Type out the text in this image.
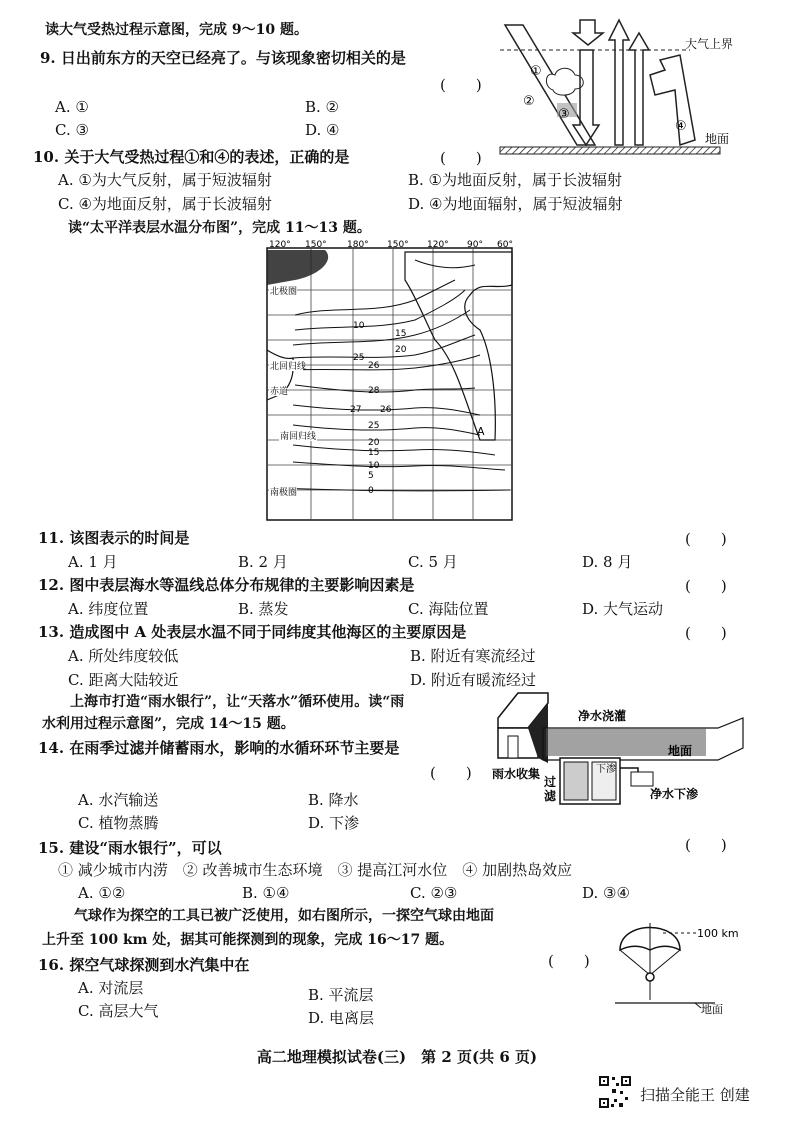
读大气受热过程示意图，完成 9～10 题。
大气上界
地面
①
②
③
④
9. 日出前东方的天空已经亮了。与该现象密切相关的是
(　　)
A. ①	B. ②
C. ③	D. ④
10. 关于大气受热过程①和④的表述，正确的是	(　　)
A. ①为大气反射，属于短波辐射	B. ①为地面反射，属于长波辐射
C. ④为地面反射，属于长波辐射	D. ④为地面辐射，属于短波辐射
读“太平洋表层水温分布图”，完成 11～13 题。
120° 150° 180° 150° 120° 90° 60°
10
15
20
25
26
28
27 26
25
20
15
10
5
0
北极圈
北回归线
赤道
南回归线
南极圈
A
11. 该图表示的时间是	(　　)
A. 1 月	B. 2 月	C. 5 月	D. 8 月
12. 图中表层海水等温线总体分布规律的主要影响因素是	(　　)
A. 纬度位置	B. 蒸发	C. 海陆位置	D. 大气运动
13. 造成图中 A 处表层水温不同于同纬度其他海区的主要原因是	(　　)
A. 所处纬度较低	B. 附近有寒流经过
C. 距离大陆较近	D. 附近有暖流经过
上海市打造“雨水银行”，让“天落水”循环使用。读“雨
水利用过程示意图”，完成 14～15 题。	净水浇灌
地面
下渗
雨水收集
过
滤	净水下渗
14. 在雨季过滤并储蓄雨水，影响的水循环环节主要是
(　　)
A. 水汽输送	B. 降水
C. 植物蒸腾	D. 下渗
15. 建设“雨水银行”，可以	(　　)
① 减少城市内涝　② 改善城市生态环境　③ 提高江河水位　④ 加剧热岛效应
A. ①②	B. ①④	C. ②③	D. ③④
气球作为探空的工具已被广泛使用，如右图所示，一探空气球由地面
上升至 100 km 处，据其可能探测到的现象，完成 16～17 题。	100 km
地面
16. 探空气球探测到水汽集中在	(　　)
A. 对流层	B. 平流层
C. 高层大气	D. 电离层
高二地理模拟试卷(三)　第 2 页(共 6 页)
扫描全能王 创建
